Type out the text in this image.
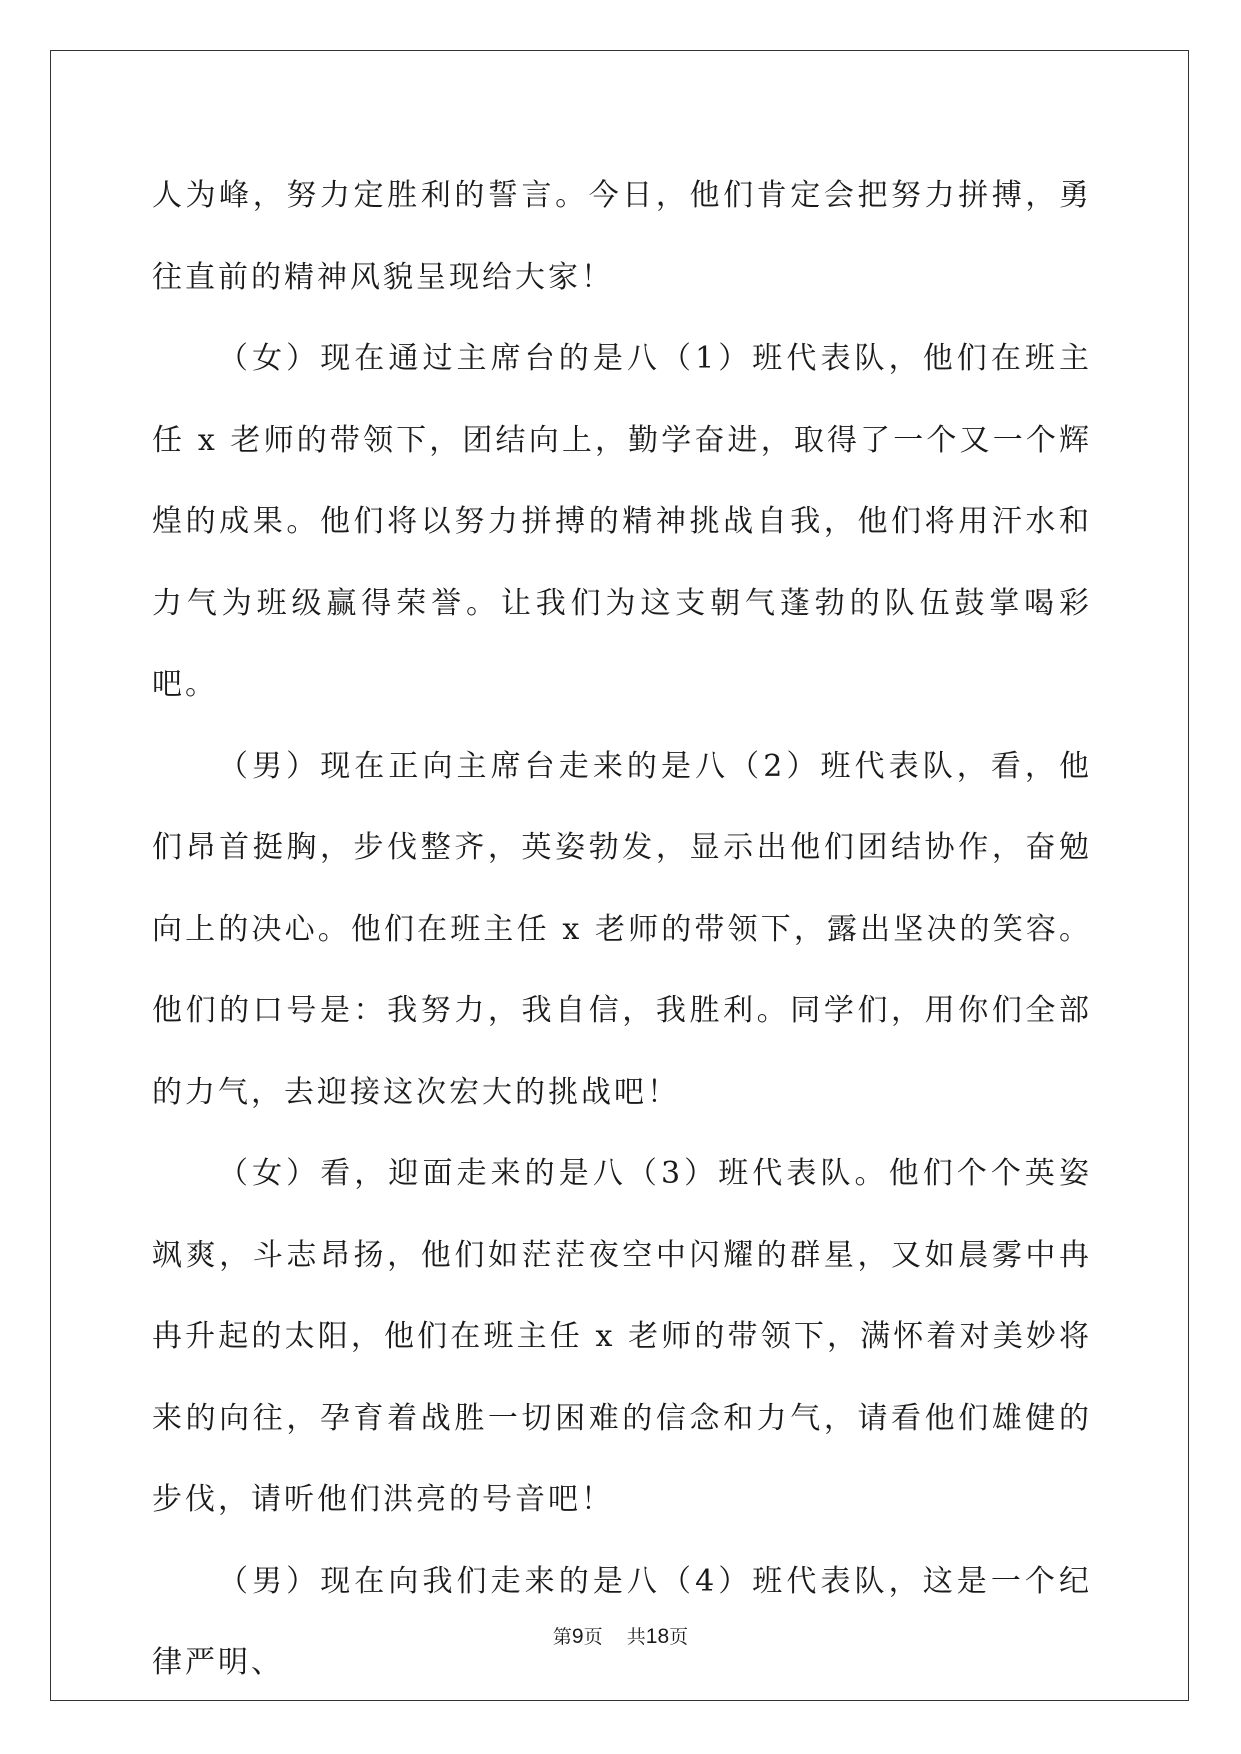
人为峰，努力定胜利的誓言。今日，他们肯定会把努力拼搏，勇往直前的精神风貌呈现给大家！

（女）现在通过主席台的是八（1）班代表队，他们在班主任 x 老师的带领下，团结向上，勤学奋进，取得了一个又一个辉煌的成果。他们将以努力拼搏的精神挑战自我，他们将用汗水和力气为班级赢得荣誉。让我们为这支朝气蓬勃的队伍鼓掌喝彩吧。

（男）现在正向主席台走来的是八（2）班代表队，看，他们昂首挺胸，步伐整齐，英姿勃发，显示出他们团结协作，奋勉向上的决心。他们在班主任 x 老师的带领下，露出坚决的笑容。他们的口号是：我努力，我自信，我胜利。同学们，用你们全部的力气，去迎接这次宏大的挑战吧！

（女）看，迎面走来的是八（3）班代表队。他们个个英姿飒爽，斗志昂扬，他们如茫茫夜空中闪耀的群星，又如晨雾中冉冉升起的太阳，他们在班主任 x 老师的带领下，满怀着对美妙将来的向往，孕育着战胜一切困难的信念和力气，请看他们雄健的步伐，请听他们洪亮的号音吧！

（男）现在向我们走来的是八（4）班代表队，这是一个纪律严明、

第9页 共18页
